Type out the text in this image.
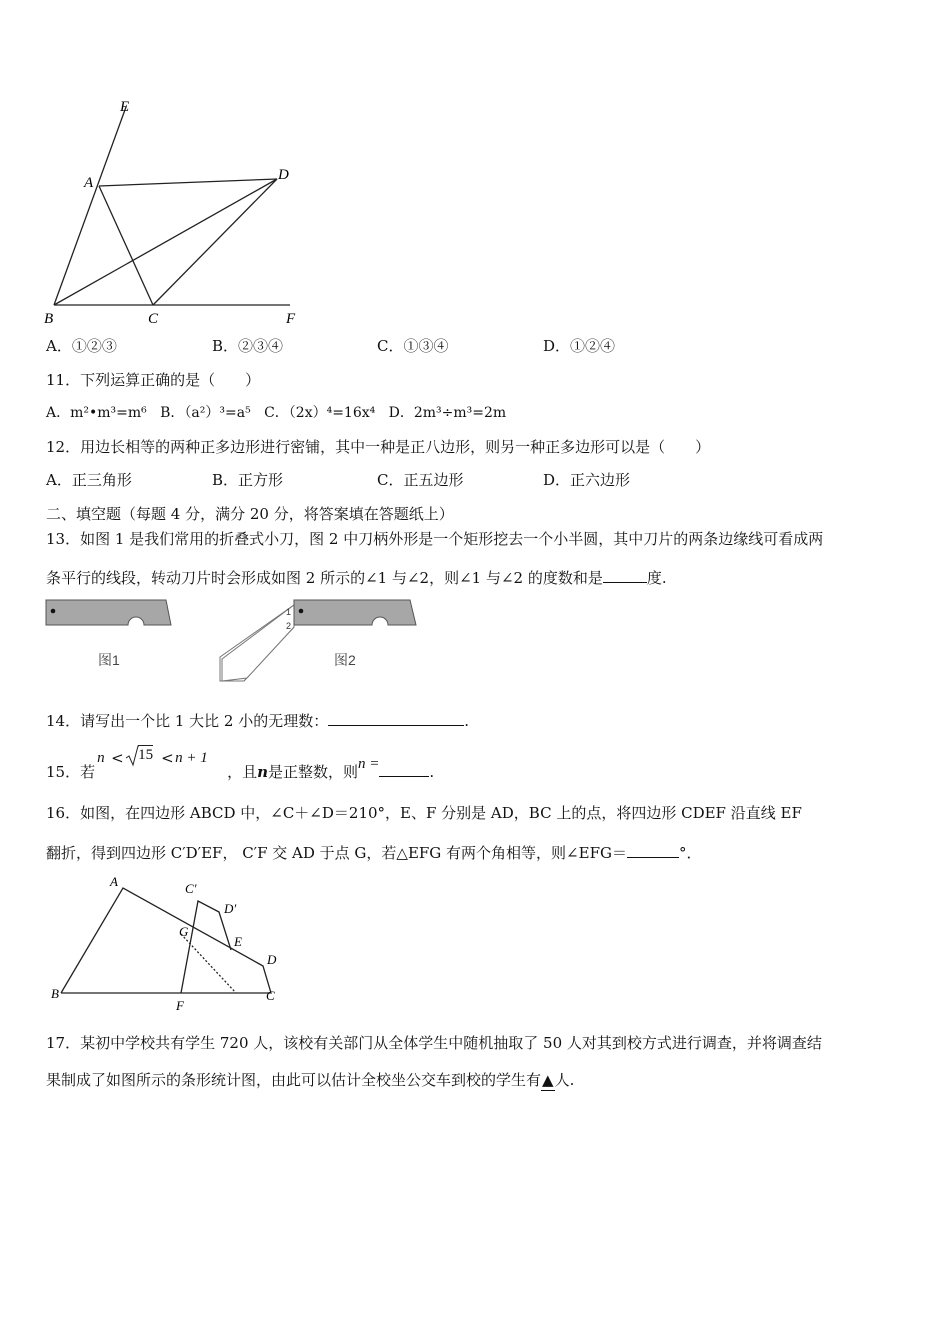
E
A	D
B	C	F
A．①②③	B．②③④	C．①③④	D．①②④
11．下列运算正确的是（　　）
A．m²•m³=m⁶ B．（a²）³=a⁵ C．（2x）⁴=16x⁴ D．2m³÷m³=2m
12．用边长相等的两种正多边形进行密铺，其中一种是正八边形，则另一种正多边形可以是（　　）
A．正三角形	B．正方形	C．正五边形	D．正六边形
二、填空题（每题 4 分，满分 20 分，将答案填在答题纸上）
13．如图 1 是我们常用的折叠式小刀，图 2 中刀柄外形是一个矩形挖去一个小半圆，其中刀片的两条边缘线可看成两
条平行的线段，转动刀片时会形成如图 2 所示的∠1 与∠2，则∠1 与∠2 的度数和是	度.
图1
1
2
图2
14．请写出一个比 1 大比 2 小的无理数：	.
15．若
n < 15 < n + 1
，且n是正整数，则n =	.
16．如图，在四边形 ABCD 中，∠C＋∠D＝210°，E、F 分别是 AD，BC 上的点，将四边形 CDEF 沿直线 EF
翻折，得到四边形 C′D′EF， C′F 交 AD 于点 G，若△EFG 有两个角相等，则∠EFG＝	°．
A
B	C
D
E
F
G
C′
D′
17．某初中学校共有学生 720 人，该校有关部门从全体学生中随机抽取了 50 人对其到校方式进行调查，并将调查结
果制成了如图所示的条形统计图，由此可以估计全校坐公交车到校的学生有▲人.
